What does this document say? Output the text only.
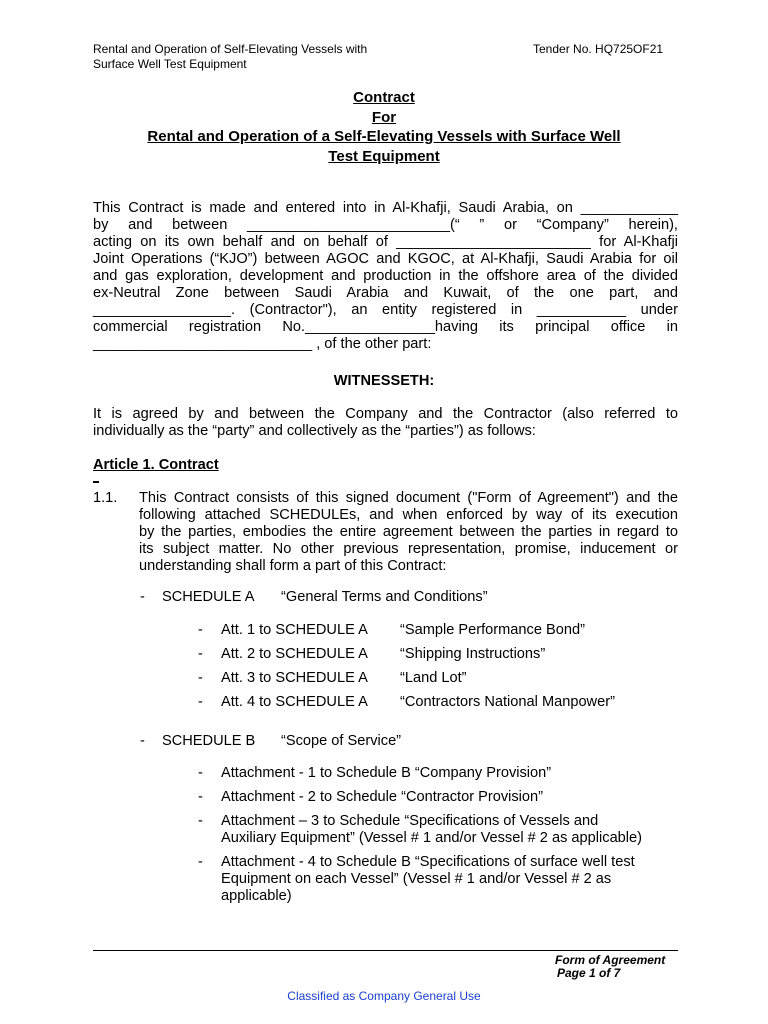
Rental and Operation of Self-Elevating Vessels with
Surface Well Test Equipment
Tender No. HQ725OF21
Contract
For
Rental and Operation of a Self-Elevating Vessels with Surface Well
Test Equipment
This Contract is made and entered into in Al-Khafji, Saudi Arabia, on ____________
by and between _________________________(“ ” or “Company” herein),
acting on its own behalf and on behalf of ________________________ for Al-Khafji
Joint Operations (“KJO”) between AGOC and KGOC, at Al-Khafji, Saudi Arabia for oil
and gas exploration, development and production in the offshore area of the divided
ex-Neutral Zone between Saudi Arabia and Kuwait, of the one part, and
_________________. (Contractor"), an entity registered in ___________ under
commercial registration No.________________having its principal office in
___________________________ , of the other part:
WITNESSETH:
It is agreed by and between the Company and the Contractor (also referred to
individually as the “party” and collectively as the “parties”) as follows:
Article 1. Contract
1.1. This Contract consists of this signed document ("Form of Agreement") and the
following attached SCHEDULEs, and when enforced by way of its execution
by the parties, embodies the entire agreement between the parties in regard to
its subject matter. No other previous representation, promise, inducement or
understanding shall form a part of this Contract:
- SCHEDULE A “General Terms and Conditions”
- Att. 1 to SCHEDULE A “Sample Performance Bond”
- Att. 2 to SCHEDULE A “Shipping Instructions”
- Att. 3 to SCHEDULE A “Land Lot”
- Att. 4 to SCHEDULE A “Contractors National Manpower”
- SCHEDULE B “Scope of Service”
- Attachment - 1 to Schedule B “Company Provision”
- Attachment - 2 to Schedule “Contractor Provision”
- Attachment – 3 to Schedule “Specifications of Vessels and
Auxiliary Equipment” (Vessel # 1 and/or Vessel # 2 as applicable)
- Attachment - 4 to Schedule B “Specifications of surface well test
Equipment on each Vessel” (Vessel # 1 and/or Vessel # 2 as
applicable)
Form of Agreement
Page 1 of 7
Classified as Company General Use
